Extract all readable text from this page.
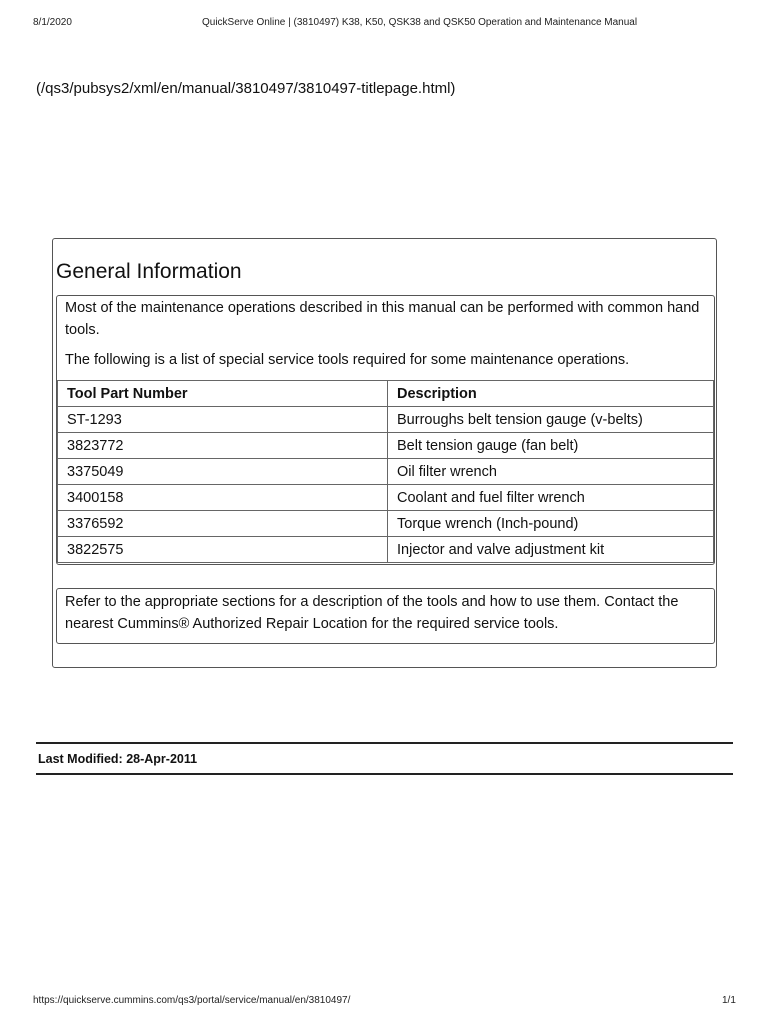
8/1/2020	QuickServe Online | (3810497) K38, K50, QSK38 and QSK50 Operation and Maintenance Manual
(/qs3/pubsys2/xml/en/manual/3810497/3810497-titlepage.html)
General Information
Most of the maintenance operations described in this manual can be performed with common hand tools.
The following is a list of special service tools required for some maintenance operations.
Tool Part Number	Description
ST-1293	Burroughs belt tension gauge (v-belts)
3823772	Belt tension gauge (fan belt)
3375049	Oil filter wrench
3400158	Coolant and fuel filter wrench
3376592	Torque wrench (Inch-pound)
3822575	Injector and valve adjustment kit
Refer to the appropriate sections for a description of the tools and how to use them. Contact the nearest Cummins® Authorized Repair Location for the required service tools.
Last Modified: 28-Apr-2011
https://quickserve.cummins.com/qs3/portal/service/manual/en/3810497/	1/1
